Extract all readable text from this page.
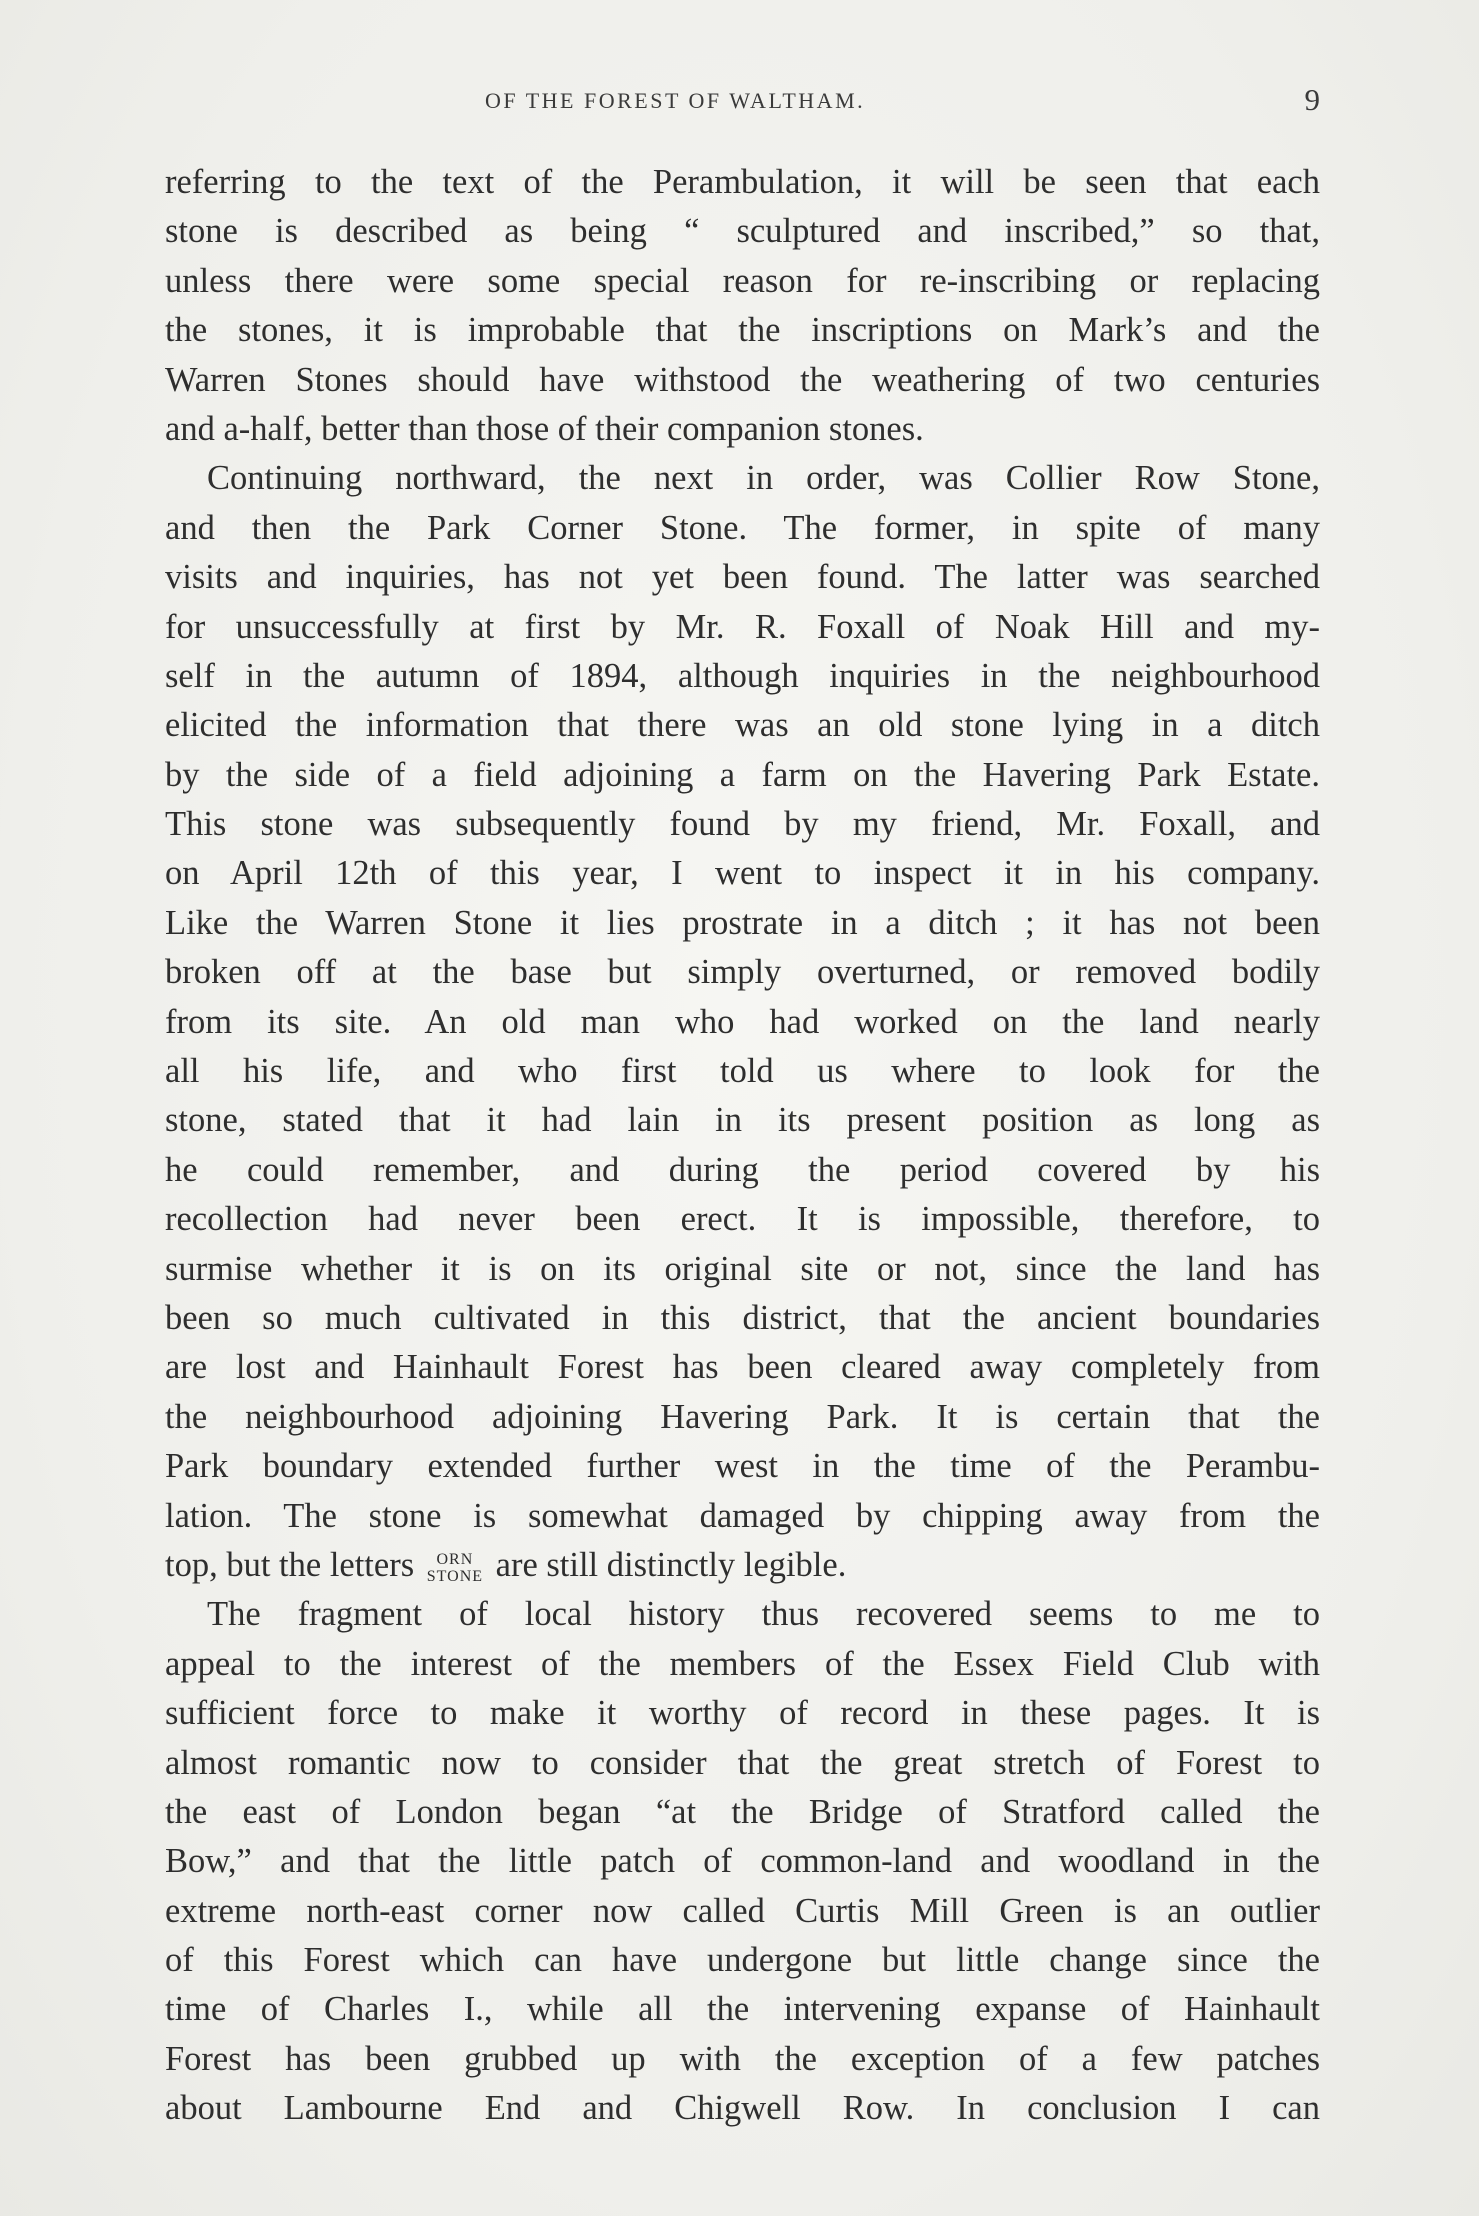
OF THE FOREST OF WALTHAM.	9
referring to the text of the Perambulation, it will be seen that each
stone is described as being “ sculptured and inscribed,” so that,
unless there were some special reason for re-inscribing or replacing
the stones, it is improbable that the inscriptions on Mark’s and the
Warren Stones should have withstood the weathering of two centuries
and a-half, better than those of their companion stones.
Continuing northward, the next in order, was Collier Row Stone,
and then the Park Corner Stone. The former, in spite of many
visits and inquiries, has not yet been found. The latter was searched
for unsuccessfully at first by Mr. R. Foxall of Noak Hill and my-
self in the autumn of 1894, although inquiries in the neighbourhood
elicited the information that there was an old stone lying in a ditch
by the side of a field adjoining a farm on the Havering Park Estate.
This stone was subsequently found by my friend, Mr. Foxall, and
on April 12th of this year, I went to inspect it in his company.
Like the Warren Stone it lies prostrate in a ditch ; it has not been
broken off at the base but simply overturned, or removed bodily
from its site. An old man who had worked on the land nearly
all his life, and who first told us where to look for the
stone, stated that it had lain in its present position as long as
he could remember, and during the period covered by his
recollection had never been erect. It is impossible, therefore, to
surmise whether it is on its original site or not, since the land has
been so much cultivated in this district, that the ancient boundaries
are lost and Hainhault Forest has been cleared away completely from
the neighbourhood adjoining Havering Park. It is certain that the
Park boundary extended further west in the time of the Perambu-
lation. The stone is somewhat damaged by chipping away from the
top, but the letters	ORN
STONE are still distinctly legible.
The fragment of local history thus recovered seems to me to
appeal to the interest of the members of the Essex Field Club with
sufficient force to make it worthy of record in these pages. It is
almost romantic now to consider that the great stretch of Forest to
the east of London began “at the Bridge of Stratford called the
Bow,” and that the little patch of common-land and woodland in the
extreme north-east corner now called Curtis Mill Green is an outlier
of this Forest which can have undergone but little change since the
time of Charles I., while all the intervening expanse of Hainhault
Forest has been grubbed up with the exception of a few patches
about Lambourne End and Chigwell Row. In conclusion I can
